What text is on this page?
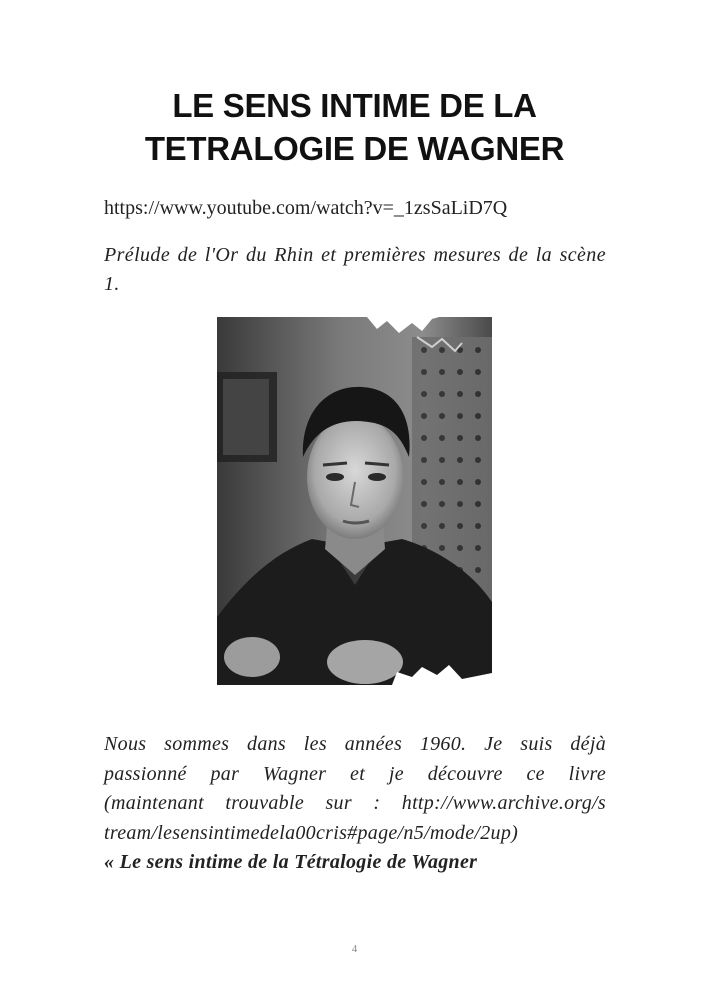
LE SENS INTIME DE LA
TETRALOGIE DE WAGNER
https://www.youtube.com/watch?v=_1zsSaLiD7Q

Prélude de l'Or du Rhin et premières mesures de la scène 1.

Nous sommes dans les années 1960. Je suis déjà
passionné par Wagner et je découvre ce livre
(maintenant trouvable sur : http://www.archive.org/s
tream/lesensintimedela00cris#page/n5/mode/2up)
« Le sens intime de la Tétralogie de Wagner

4
